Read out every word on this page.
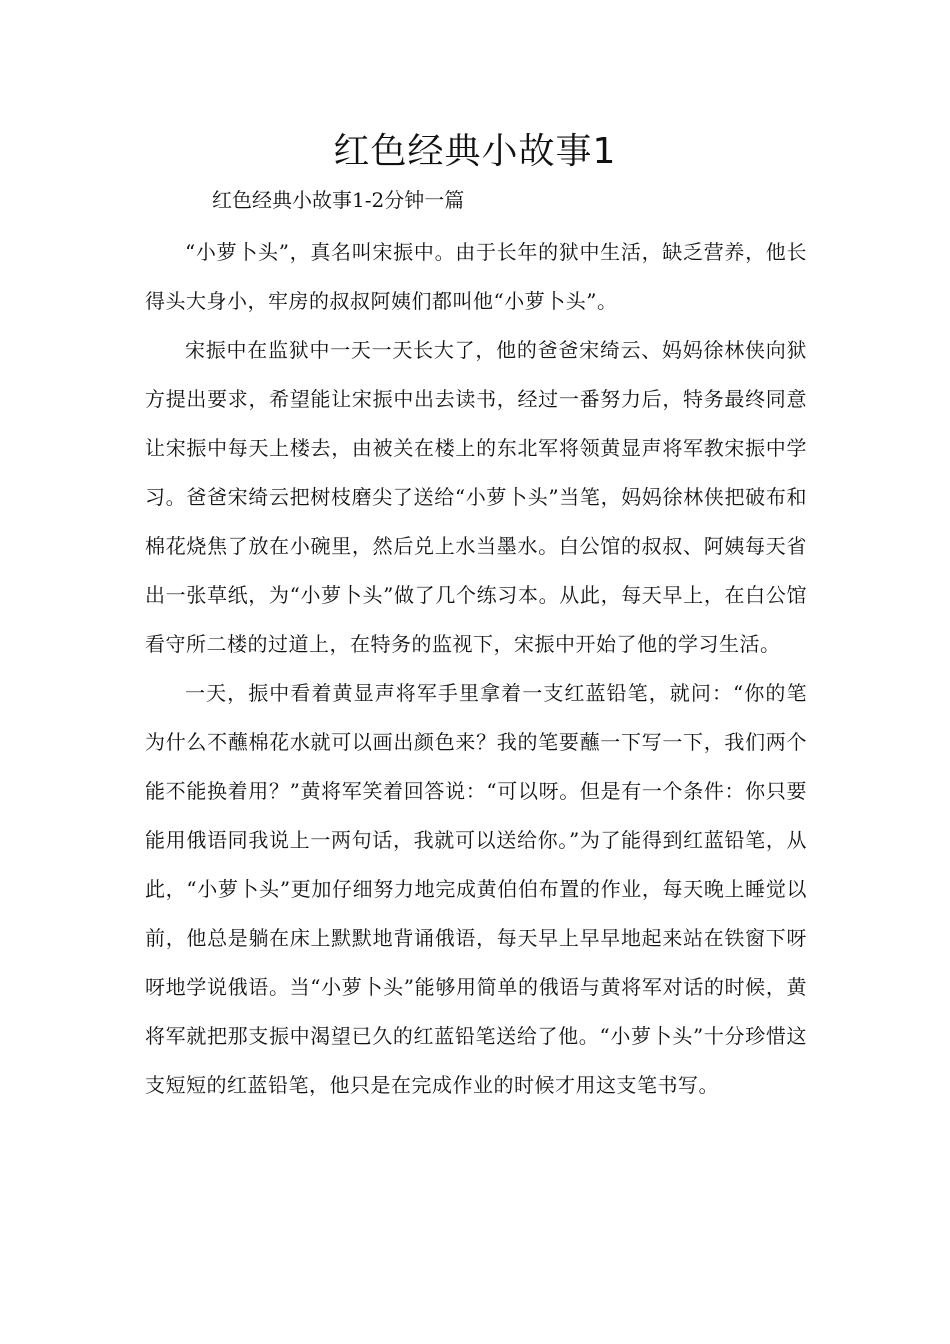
红色经典小故事1
红色经典小故事1-2分钟一篇

“小萝卜头”，真名叫宋振中。由于长年的狱中生活，缺乏营养，他长得头大身小，牢房的叔叔阿姨们都叫他“小萝卜头”。

宋振中在监狱中一天一天长大了，他的爸爸宋绮云、妈妈徐林侠向狱方提出要求，希望能让宋振中出去读书，经过一番努力后，特务最终同意让宋振中每天上楼去，由被关在楼上的东北军将领黄显声将军教宋振中学习。爸爸宋绮云把树枝磨尖了送给“小萝卜头”当笔，妈妈徐林侠把破布和棉花烧焦了放在小碗里，然后兑上水当墨水。白公馆的叔叔、阿姨每天省出一张草纸，为“小萝卜头”做了几个练习本。从此，每天早上，在白公馆看守所二楼的过道上，在特务的监视下，宋振中开始了他的学习生活。

一天，振中看着黄显声将军手里拿着一支红蓝铅笔，就问：“你的笔为什么不蘸棉花水就可以画出颜色来？我的笔要蘸一下写一下，我们两个能不能换着用？”黄将军笑着回答说：“可以呀。但是有一个条件：你只要能用俄语同我说上一两句话，我就可以送给你。”为了能得到红蓝铅笔，从此，“小萝卜头”更加仔细努力地完成黄伯伯布置的作业，每天晚上睡觉以前，他总是躺在床上默默地背诵俄语，每天早上早早地起来站在铁窗下呀呀地学说俄语。当“小萝卜头”能够用简单的俄语与黄将军对话的时候，黄将军就把那支振中渴望已久的红蓝铅笔送给了他。“小萝卜头”十分珍惜这支短短的红蓝铅笔，他只是在完成作业的时候才用这支笔书写。
